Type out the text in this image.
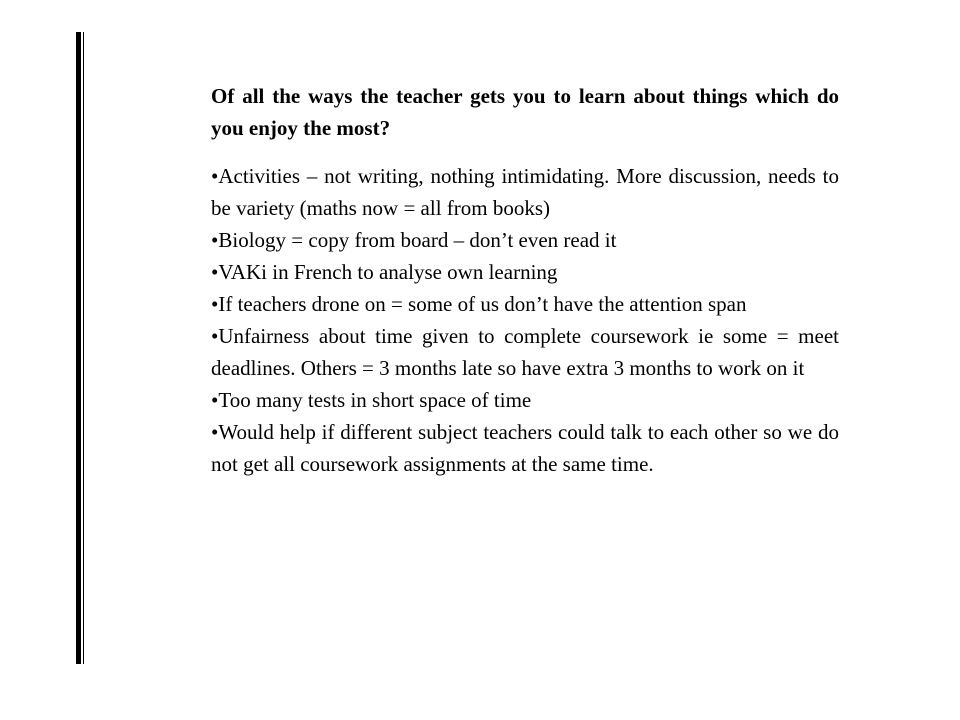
Of all the ways the teacher gets you to learn about things which do you enjoy the most?

•Activities – not writing, nothing intimidating. More discussion, needs to be variety (maths now = all from books)
•Biology = copy from board – don’t even read it
•VAKi in French to analyse own learning
•If teachers drone on = some of us don’t have the attention span
•Unfairness about time given to complete coursework ie some = meet deadlines. Others = 3 months late so have extra 3 months to work on it
•Too many tests in short space of time
•Would help if different subject teachers could talk to each other so we do not get all coursework assignments at the same time.
